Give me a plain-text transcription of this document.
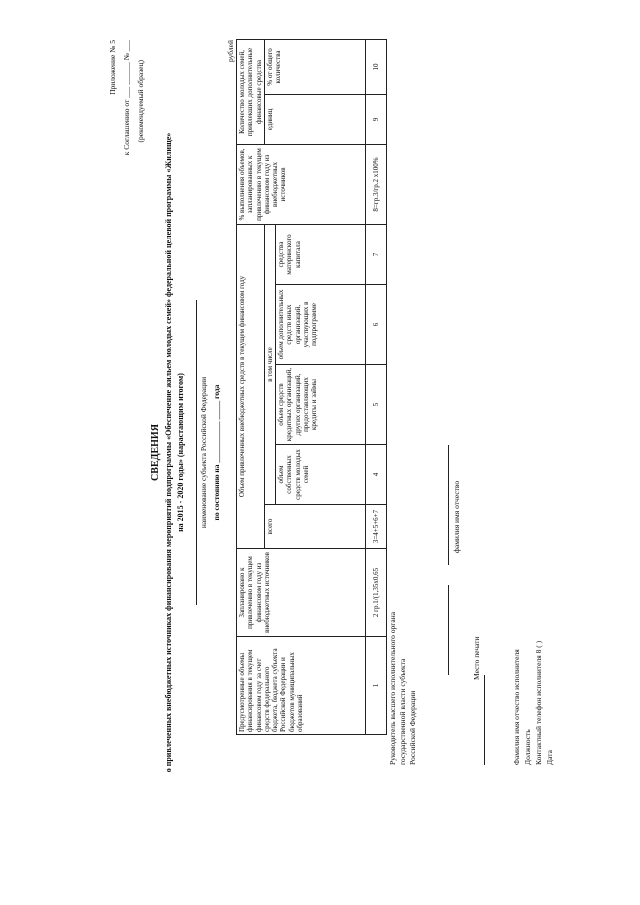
Приложение № 5 к Соглашению от ___ ______ № ___ (рекомендуемый образец)
СВЕДЕНИЯ о привлеченных внебюджетных источниках финансирования мероприятий подпрограммы «Обеспечение жильем молодых семей» федеральной целевой программы «Жилище» на 2015 - 2020 годы» (нарастающим итогом) наименование субъекта Российской Федерации по состоянию на ___________ _____ года
рублей
Предусмотренные объемы финансирования в текущем финансовом году за счет средств федерального бюджета, бюджета субъекта Российской Федерации и бюджетов муниципальных образований	Запланировано к привлечению в текущем финансовом году из внебюджетных источников	Объем привлеченных внебюджетных средств в текущем финансовом году					% выполнения объемов, запланированных к привлечению в текущем финансовом году из внебюджетных источников	Количество молодых семей, привлекших дополнительные финансовые средства	
		всего	в том числе					единиц	% от общего количества
			объем собственных средств молодых семей	объем средств кредитных организаций, других организаций, предоставляющих кредиты и займы	объем дополнительных средств иных организаций, участвующих в подпрограмме	средства материнского капитала			
1	2 гр.1/(1,35x0,65	3=4+5+6+7	4	5	6	7	8=гр.3/гр.2 x100%	9	10
Руководитель высшего исполнительного органа государственной власти субъекта Российской Федерации
фамилия имя отчество
Место печати	Фамилия имя отчество исполнителя Должность Контактный телефон исполнителя 8 ( ) Дата
